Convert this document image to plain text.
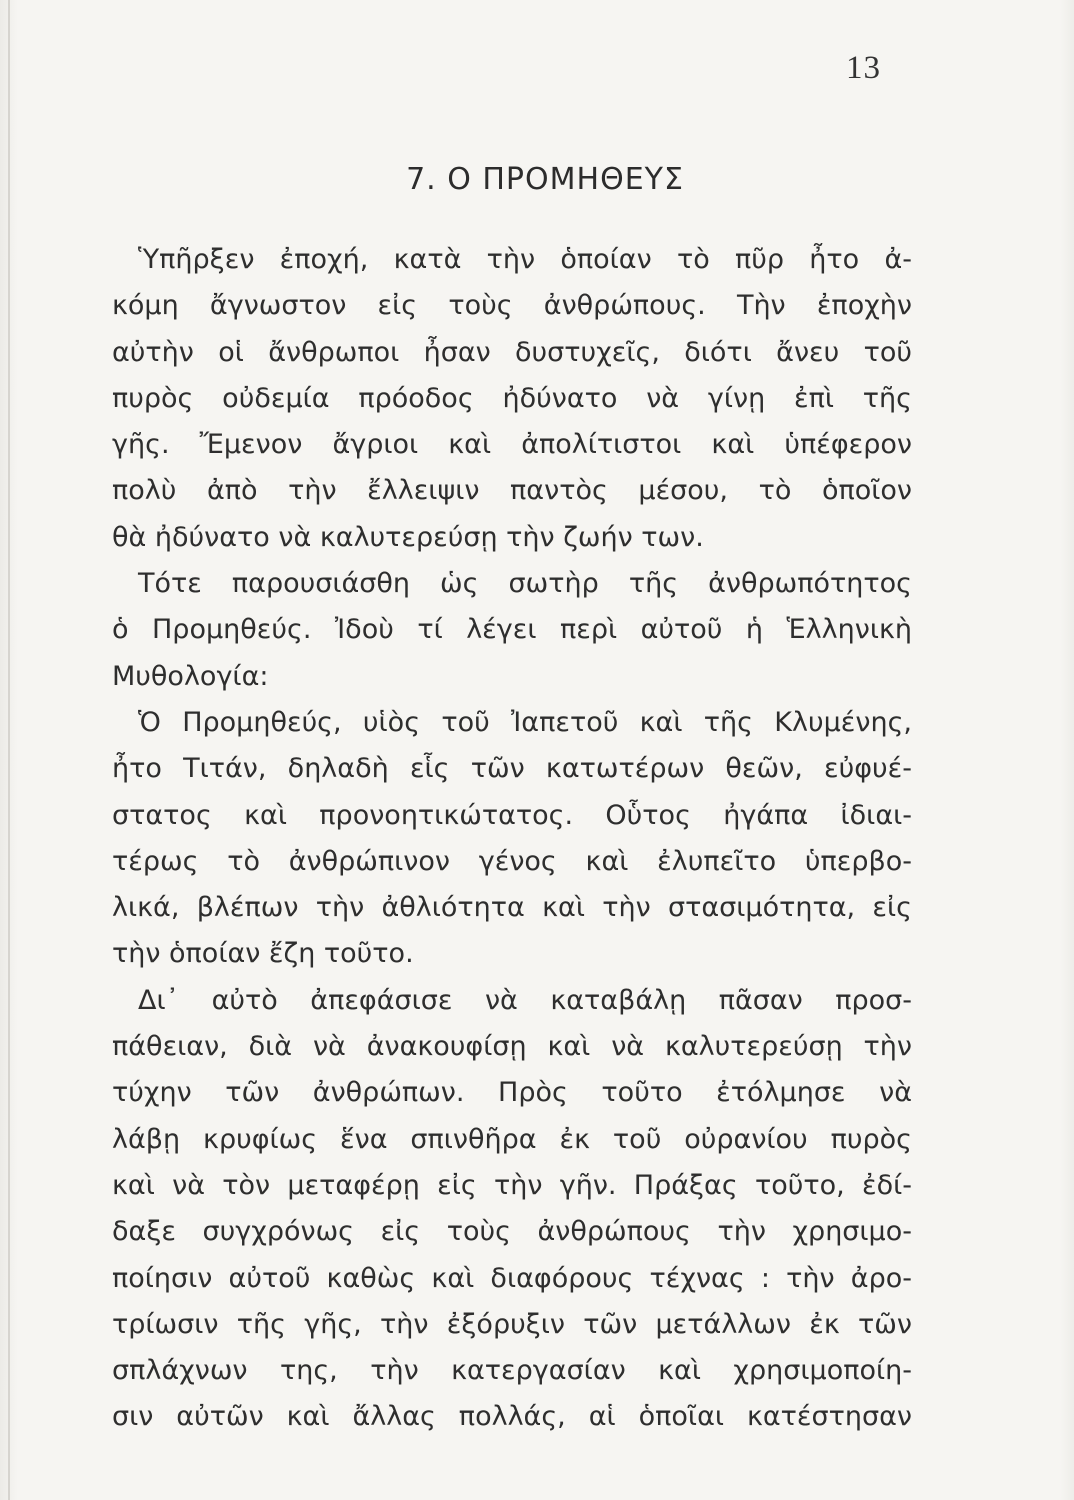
13
7. Ο ΠΡΟΜΗΘΕΥΣ
Ὑπῆρξεν ἐποχή, κατὰ τὴν ὁποίαν τὸ πῦρ ἦτο ἀ-
κόμη ἄγνωστον εἰς τοὺς ἀνθρώπους. Τὴν ἐποχὴν
αὐτὴν οἱ ἄνθρωποι ἦσαν δυστυχεῖς, διότι ἄνευ τοῦ
πυρὸς οὐδεμία πρόοδος ἠδύνατο νὰ γίνῃ ἐπὶ τῆς
γῆς. Ἔμενον ἄγριοι καὶ ἀπολίτιστοι καὶ ὑπέφερον
πολὺ ἀπὸ τὴν ἔλλειψιν παντὸς μέσου, τὸ ὁποῖον
θὰ ἠδύνατο νὰ καλυτερεύσῃ τὴν ζωήν των.
Τότε παρουσιάσθη ὡς σωτὴρ τῆς ἀνθρωπότητος
ὁ Προμηθεύς. Ἰδοὺ τί λέγει περὶ αὐτοῦ ἡ Ἑλληνικὴ
Μυθολογία:
Ὁ Προμηθεύς, υἱὸς τοῦ Ἰαπετοῦ καὶ τῆς Κλυμένης,
ἦτο Τιτάν, δηλαδὴ εἷς τῶν κατωτέρων θεῶν, εὐφυέ-
στατος καὶ προνοητικώτατος. Οὗτος ἠγάπα ἰδιαι-
τέρως τὸ ἀνθρώπινον γένος καὶ ἐλυπεῖτο ὑπερβο-
λικά, βλέπων τὴν ἀθλιότητα καὶ τὴν στασιμότητα, εἰς
τὴν ὁποίαν ἔζη τοῦτο.
Δι᾿ αὐτὸ ἀπεφάσισε νὰ καταβάλῃ πᾶσαν προσ-
πάθειαν, διὰ νὰ ἀνακουφίσῃ καὶ νὰ καλυτερεύσῃ τὴν
τύχην τῶν ἀνθρώπων. Πρὸς τοῦτο ἐτόλμησε νὰ
λάβῃ κρυφίως ἕνα σπινθῆρα ἐκ τοῦ οὐρανίου πυρὸς
καὶ νὰ τὸν μεταφέρῃ εἰς τὴν γῆν. Πράξας τοῦτο, ἐδί-
δαξε συγχρόνως εἰς τοὺς ἀνθρώπους τὴν χρησιμο-
ποίησιν αὐτοῦ καθὼς καὶ διαφόρους τέχνας : τὴν ἀρο-
τρίωσιν τῆς γῆς, τὴν ἐξόρυξιν τῶν μετάλλων ἐκ τῶν
σπλάχνων της, τὴν κατεργασίαν καὶ χρησιμοποίη-
σιν αὐτῶν καὶ ἄλλας πολλάς, αἱ ὁποῖαι κατέστησαν
